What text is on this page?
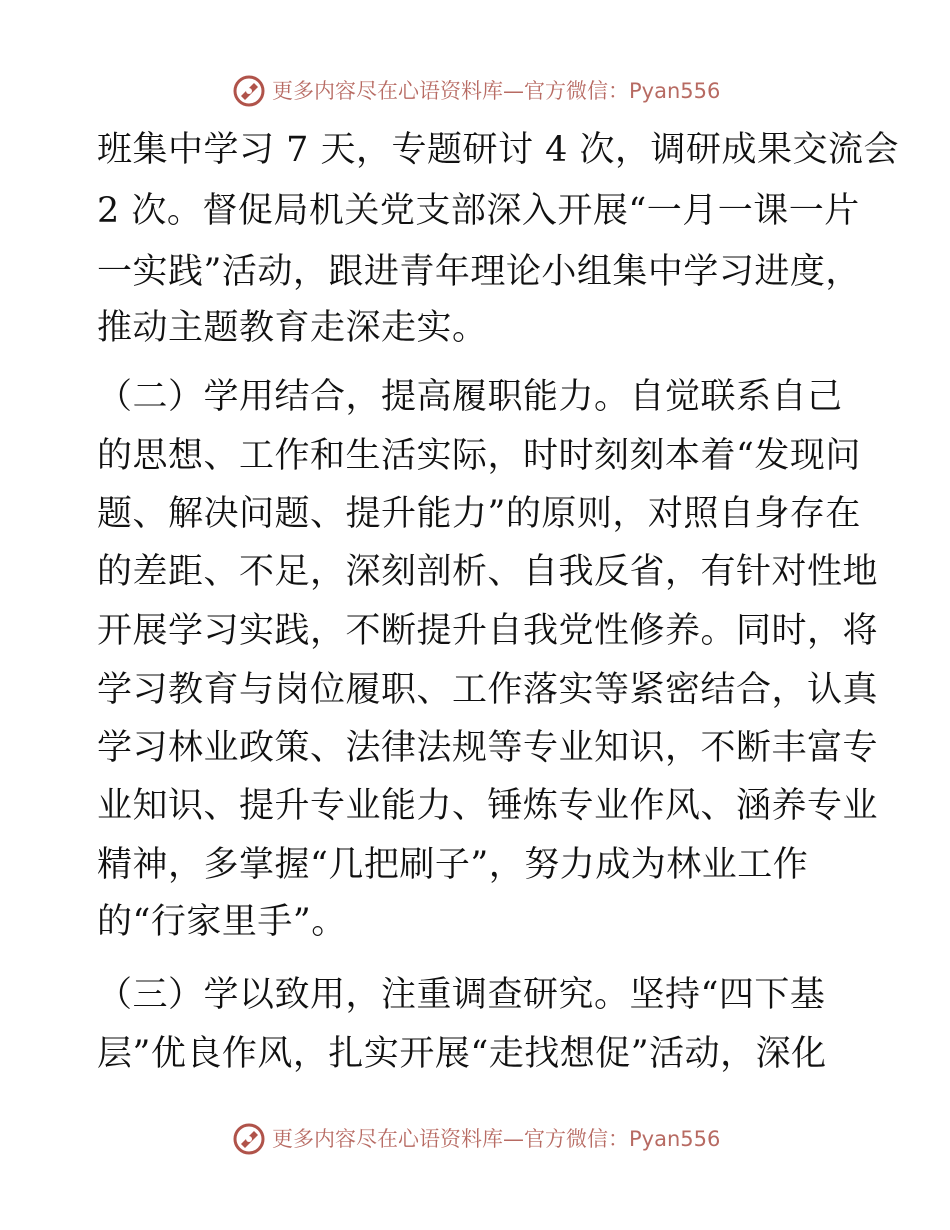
更多内容尽在心语资料库—官方微信：Pyan556
班集中学习 7 天，专题研讨 4 次，调研成果交流会
2 次。督促局机关党支部深入开展“一月一课一片
一实践”活动，跟进青年理论小组集中学习进度，
推动主题教育走深走实。
（二）学用结合，提高履职能力。自觉联系自己
的思想、工作和生活实际，时时刻刻本着“发现问
题、解决问题、提升能力”的原则，对照自身存在
的差距、不足，深刻剖析、自我反省，有针对性地
开展学习实践，不断提升自我党性修养。同时，将
学习教育与岗位履职、工作落实等紧密结合，认真
学习林业政策、法律法规等专业知识，不断丰富专
业知识、提升专业能力、锤炼专业作风、涵养专业
精神，多掌握“几把刷子”，努力成为林业工作
的“行家里手”。
（三）学以致用，注重调查研究。坚持“四下基
层”优良作风，扎实开展“走找想促”活动，深化
更多内容尽在心语资料库—官方微信：Pyan556
